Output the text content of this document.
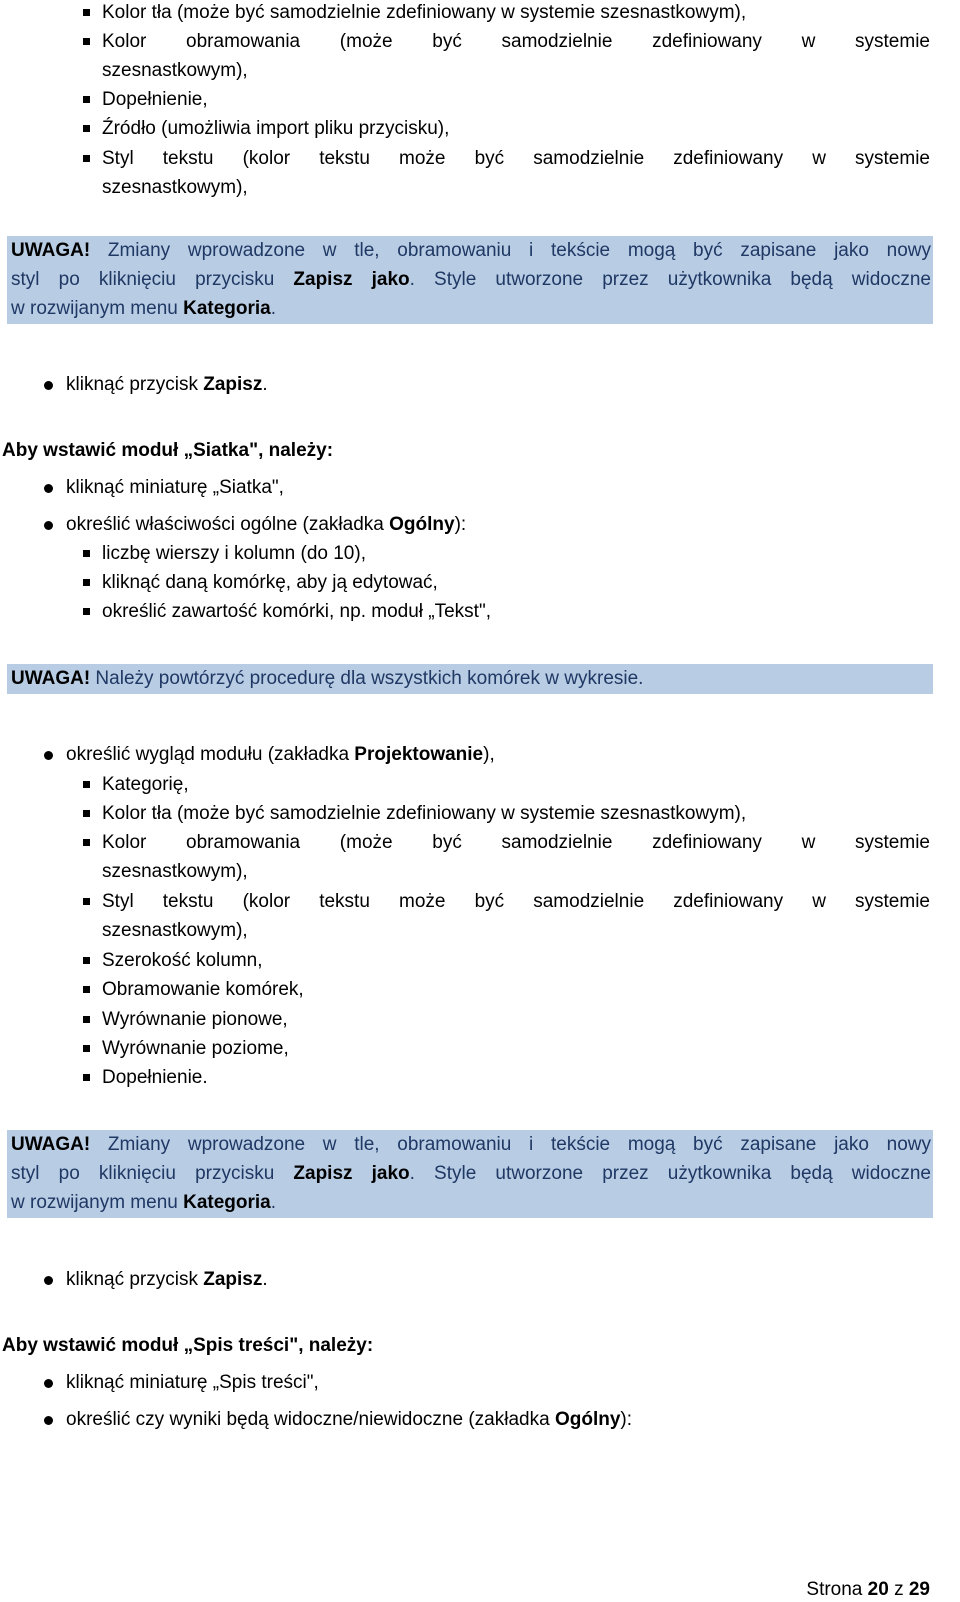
Kolor tła (może być samodzielnie zdefiniowany w systemie szesnastkowym),
Kolor obramowania (może być samodzielnie zdefiniowany w systemie
szesnastkowym),
Dopełnienie,
Źródło (umożliwia import pliku przycisku),
Styl tekstu (kolor tekstu może być samodzielnie zdefiniowany w systemie
szesnastkowym),
UWAGA! Zmiany wprowadzone w tle, obramowaniu i tekście mogą być zapisane jako nowy
styl po kliknięciu przycisku Zapisz jako. Style utworzone przez użytkownika będą widoczne
w rozwijanym menu Kategoria.
kliknąć przycisk Zapisz.
Aby wstawić moduł „Siatka", należy:
kliknąć miniaturę „Siatka",
określić właściwości ogólne (zakładka Ogólny):
liczbę wierszy i kolumn (do 10),
kliknąć daną komórkę, aby ją edytować,
określić zawartość komórki, np. moduł „Tekst",
UWAGA! Należy powtórzyć procedurę dla wszystkich komórek w wykresie.
określić wygląd modułu (zakładka Projektowanie),
Kategorię,
Kolor tła (może być samodzielnie zdefiniowany w systemie szesnastkowym),
Kolor obramowania (może być samodzielnie zdefiniowany w systemie
szesnastkowym),
Styl tekstu (kolor tekstu może być samodzielnie zdefiniowany w systemie
szesnastkowym),
Szerokość kolumn,
Obramowanie komórek,
Wyrównanie pionowe,
Wyrównanie poziome,
Dopełnienie.
UWAGA! Zmiany wprowadzone w tle, obramowaniu i tekście mogą być zapisane jako nowy
styl po kliknięciu przycisku Zapisz jako. Style utworzone przez użytkownika będą widoczne
w rozwijanym menu Kategoria.
kliknąć przycisk Zapisz.
Aby wstawić moduł „Spis treści", należy:
kliknąć miniaturę „Spis treści",
określić czy wyniki będą widoczne/niewidoczne (zakładka Ogólny):
Strona 20 z 29
